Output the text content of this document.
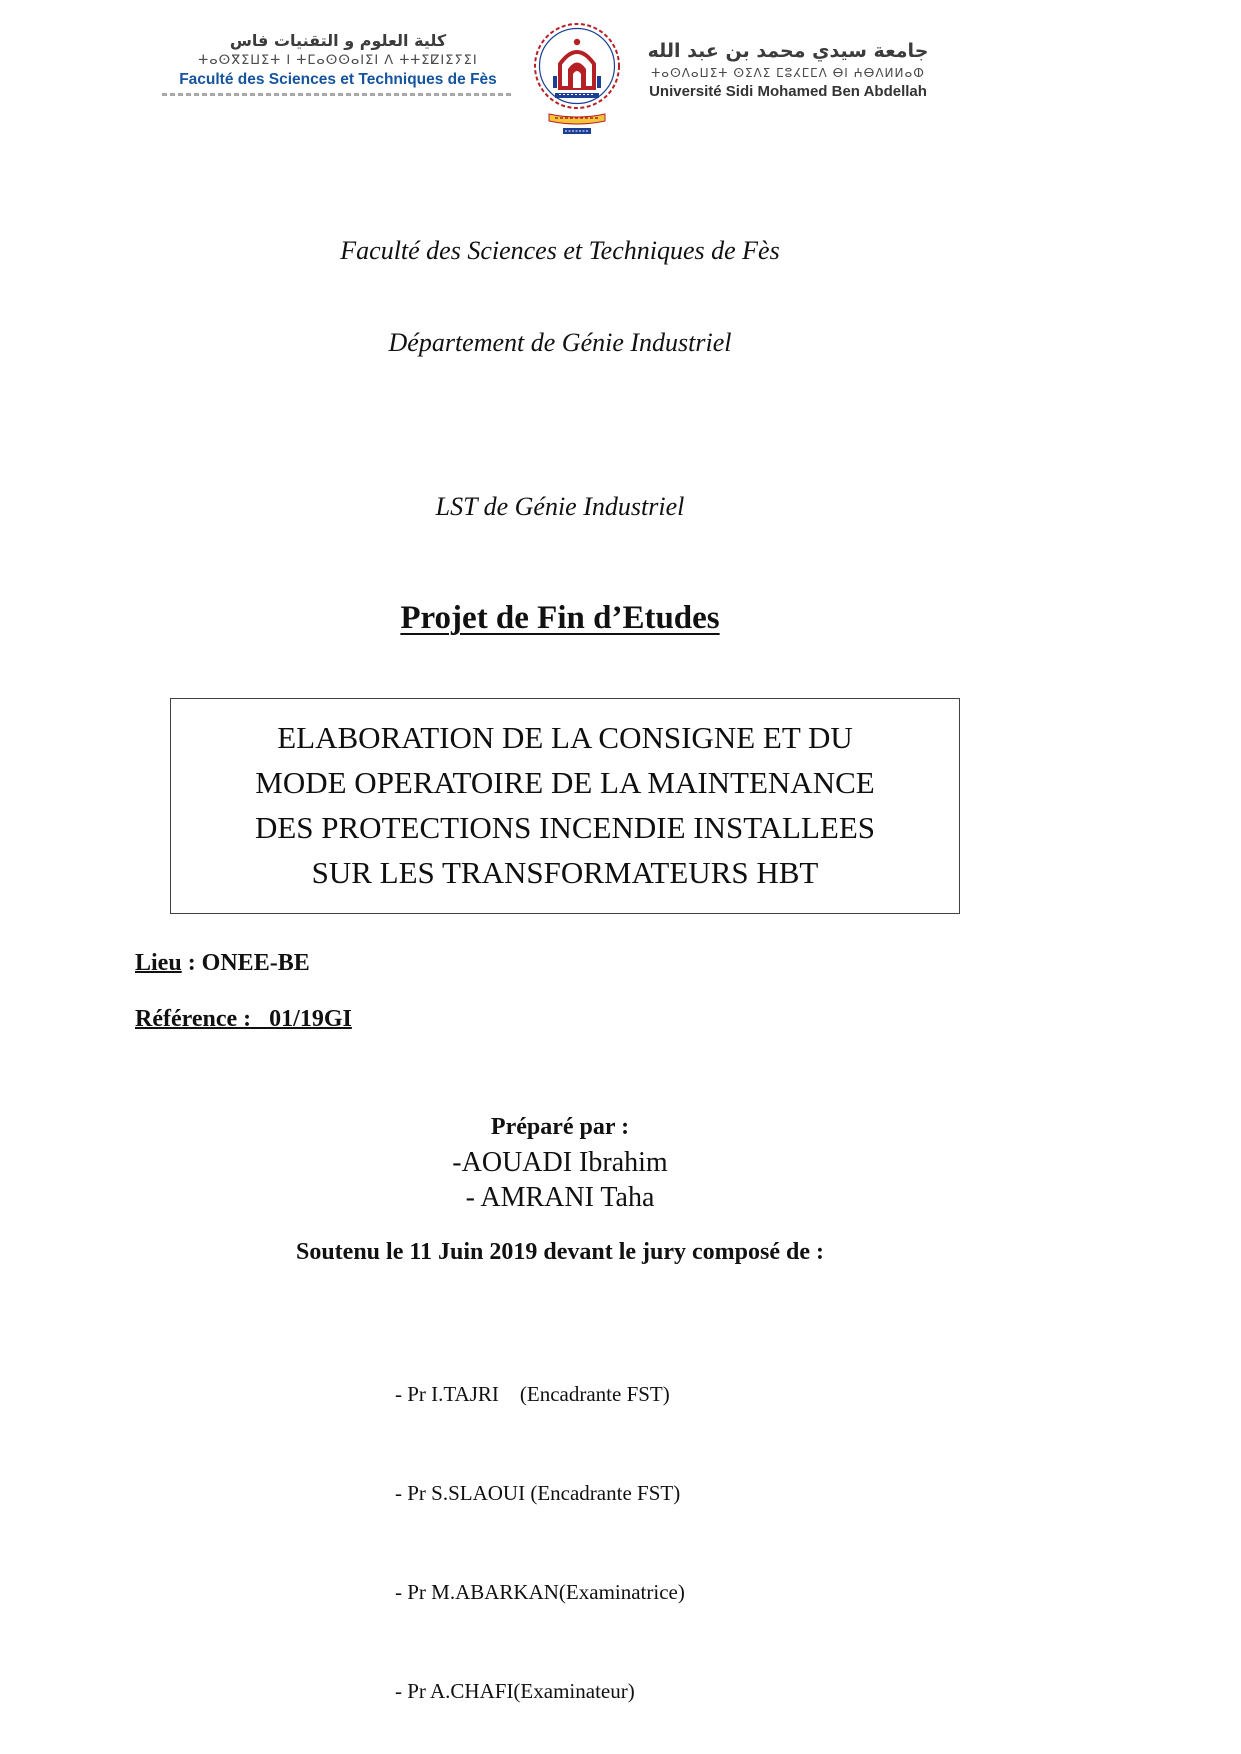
كلية العلوم و التقنيات فاس
ⵜⴰⵙⴳⵉⵡⵉⵜ ⵏ ⵜⵎⴰⵙⵙⴰⵏⵉⵏ ⴷ ⵜⵜⵉⵇⵏⵉⵢⵉⵏ
Faculté des Sciences et Techniques de Fès
جامعة سيدي محمد بن عبد الله
ⵜⴰⵙⴷⴰⵡⵉⵜ ⵙⵉⴷⵉ ⵎⵓⵃⵎⵎⴷ ⴱⵏ ⵄⴱⴷⵍⵍⴰⵀ
Université Sidi Mohamed Ben Abdellah
Faculté des Sciences et Techniques de Fès
Département de Génie Industriel
LST de Génie Industriel
Projet de Fin d’Etudes
ELABORATION DE LA CONSIGNE ET DU
MODE OPERATOIRE DE LA MAINTENANCE
DES PROTECTIONS INCENDIE INSTALLEES
SUR LES TRANSFORMATEURS HBT
Lieu : ONEE-BE
Référence :   01/19GI
Préparé par :
-AOUADI Ibrahim
- AMRANI Taha
Soutenu le 11 Juin 2019 devant le jury composé de :

- Pr I.TAJRI    (Encadrante FST)

- Pr S.SLAOUI (Encadrante FST)

- Pr M.ABARKAN(Examinatrice)

- Pr A.CHAFI(Examinateur)
